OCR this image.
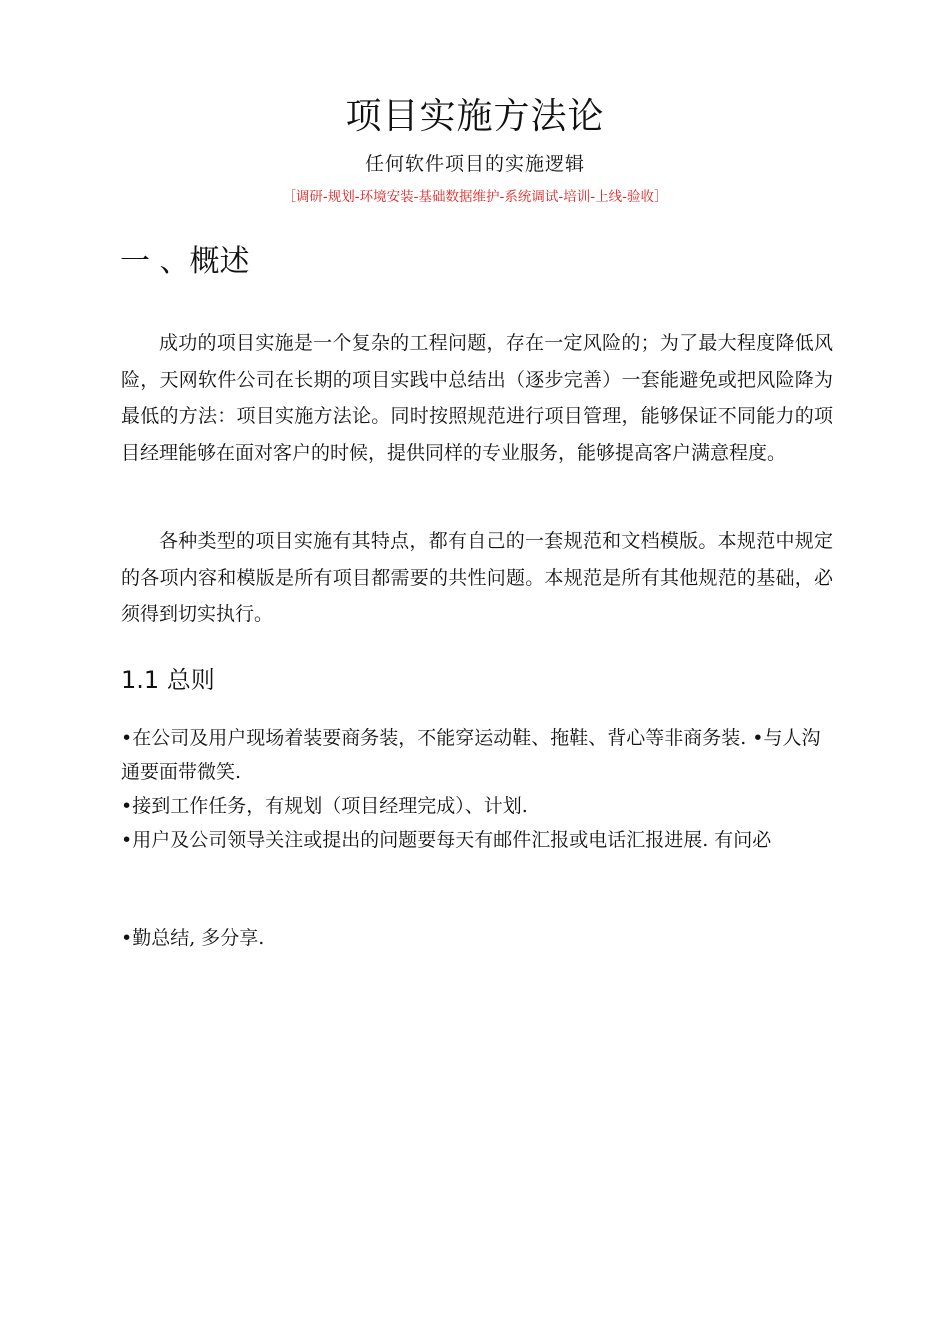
项目实施方法论

任何软件项目的实施逻辑

［调研-规划-环境安装-基础数据维护-系统调试-培训-上线-验收］

一 、概述

成功的项目实施是一个复杂的工程问题，存在一定风险的；为了最大程度降低风险，天网软件公司在长期的项目实践中总结出（逐步完善）一套能避免或把风险降为最低的方法：项目实施方法论。同时按照规范进行项目管理，能够保证不同能力的项目经理能够在面对客户的时候，提供同样的专业服务，能够提高客户满意程度。

各种类型的项目实施有其特点，都有自己的一套规范和文档模版。本规范中规定的各项内容和模版是所有项目都需要的共性问题。本规范是所有其他规范的基础，必须得到切实执行。

1.1 总则
•在公司及用户现场着装要商务装，不能穿运动鞋、拖鞋、背心等非商务装. •与人沟通要面带微笑.
•接到工作任务，有规划（项目经理完成）、计划.
•用户及公司领导关注或提出的问题要每天有邮件汇报或电话汇报进展. 有问必
•勤总结, 多分享.
